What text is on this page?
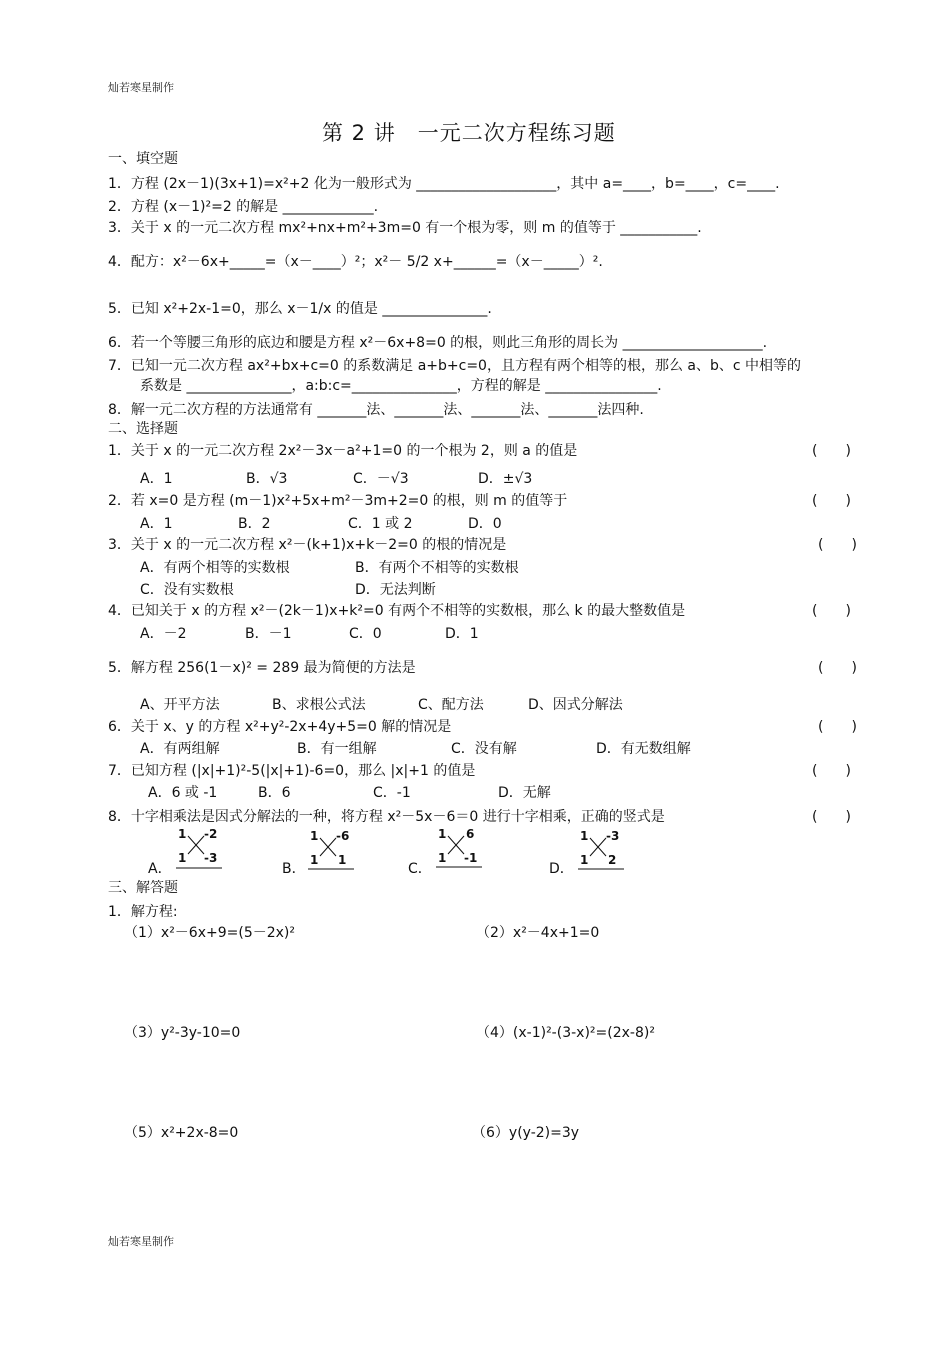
灿若寒星制作
第 2 讲　一元二次方程练习题
一、填空题
1．方程 (2x－1)(3x+1)=x²+2 化为一般形式为 ____________________，其中 a=____，b=____，c=____.
2．方程 (x－1)²=2 的解是 _____________.
3．关于 x 的一元二次方程 mx²+nx+m²+3m=0 有一个根为零，则 m 的值等于 ___________.
4．配方：x²－6x+_____=（x－____）²；x²－ 5/2 x+______=（x－_____）².
5．已知 x²+2x-1=0，那么 x－1/x 的值是 _______________.
6．若一个等腰三角形的底边和腰是方程 x²－6x+8=0 的根，则此三角形的周长为 ____________________.
7．已知一元二次方程 ax²+bx+c=0 的系数满足 a+b+c=0，且方程有两个相等的根，那么 a、b、c 中相等的
系数是 _______________，a:b:c=_______________，方程的解是 ________________.
8．解一元二次方程的方法通常有 _______法、_______法、_______法、_______法四种.
二、选择题
1．关于 x 的一元二次方程 2x²－3x－a²+1=0 的一个根为 2，则 a 的值是	(　　)
A．1	B．√3	C．－√3	D．±√3
2．若 x=0 是方程 (m－1)x²+5x+m²－3m+2=0 的根，则 m 的值等于	(　　)
A．1	B．2	C．1 或 2	D．0
3．关于 x 的一元二次方程 x²－(k+1)x+k－2=0 的根的情况是	(　　)
A．有两个相等的实数根	B．有两个不相等的实数根
C．没有实数根	D．无法判断
4．已知关于 x 的方程 x²－(2k－1)x+k²=0 有两个不相等的实数根，那么 k 的最大整数值是	(　　)
A．－2	B．－1	C．0	D．1
5．解方程 256(1－x)² = 289 最为简便的方法是	(　　)
A、开平方法	B、求根公式法	C、配方法	D、因式分解法
6．关于 x、y 的方程 x²+y²-2x+4y+5=0 解的情况是	(　　)
A．有两组解	B．有一组解	C．没有解	D．有无数组解
7．已知方程 (|x|+1)²-5(|x|+1)-6=0，那么 |x|+1 的值是	(　　)
A．6 或 -1	B．6	C．-1	D．无解
8．十字相乘法是因式分解法的一种，将方程 x²－5x－6＝0 进行十字相乘，正确的竖式是	(　　)
A．	B．	C．	D．
1 -2
1 -3
1 -6
1 1
1 6
1 -1
1 -3
1 2
三、解答题
1．解方程:
（1）x²－6x+9=(5－2x)²	（2）x²－4x+1=0
（3）y²-3y-10=0	（4）(x-1)²-(3-x)²=(2x-8)²
（5）x²+2x-8=0	（6）y(y-2)=3y
灿若寒星制作
